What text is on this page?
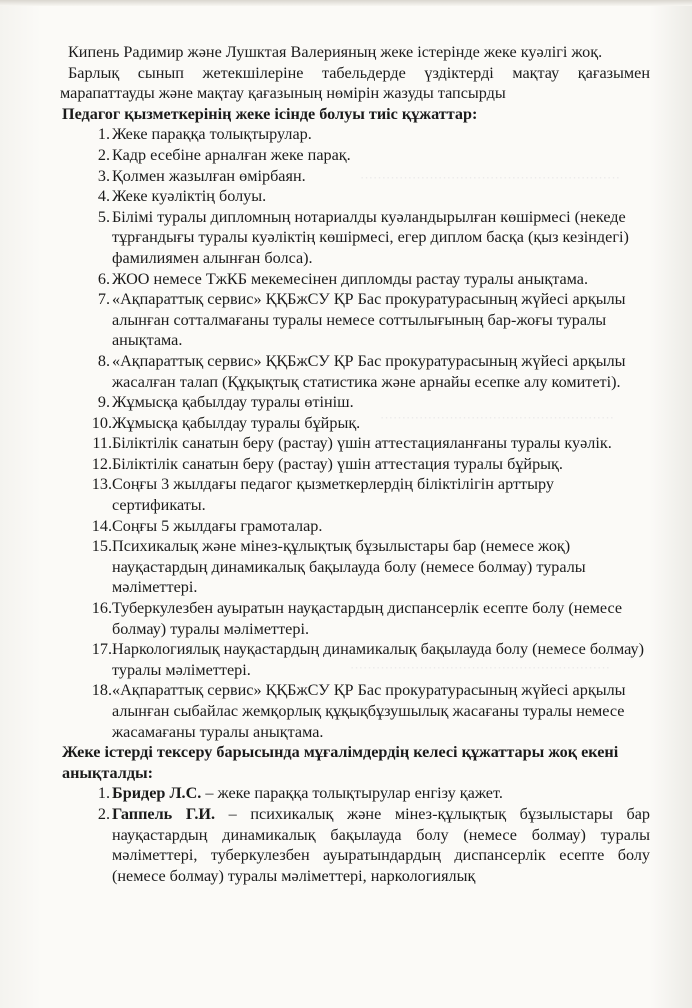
⋯⋯⋯⋯⋯⋯⋯⋯⋯⋯⋯⋯⋯⋯⋯⋯⋯⋯⋯⋯
⋯⋯⋯⋯⋯⋯⋯⋯⋯⋯⋯⋯⋯⋯⋯⋯⋯⋯
⋯⋯⋯⋯⋯⋯⋯⋯⋯⋯⋯⋯⋯⋯⋯⋯⋯⋯⋯⋯

Кипень Радимир және Лушктая Валерияның жеке істерінде жеке куәлігі жоқ.

Барлық сынып жетекшілеріне табельдерде үздіктерді мақтау қағазымен марапаттауды және мақтау қағазының нөмірін жазуды тапсырды

Педагог қызметкерінің жеке ісінде болуы тиіс құжаттар:

1. Жеке параққа толықтырулар.
2. Кадр есебіне арналған жеке парақ.
3. Қолмен жазылған өмірбаян.
4. Жеке куәліктің болуы.
5. Білімі туралы дипломның нотариалды куәландырылған көшірмесі (некеде тұрғандығы туралы куәліктің көшірмесі, егер диплом басқа (қыз кезіндегі) фамилиямен алынған болса).
6. ЖОО немесе ТжКБ мекемесінен дипломды растау туралы анықтама.
7. «Ақпараттық сервис» ҚҚБжСУ ҚР Бас прокуратурасының жүйесі арқылы алынған сотталмағаны туралы немесе соттылығының бар-жоғы туралы анықтама.
8. «Ақпараттық сервис» ҚҚБжСУ ҚР Бас прокуратурасының жүйесі арқылы жасалған талап (Құқықтық статистика және арнайы есепке алу комитеті).
9. Жұмысқа қабылдау туралы өтініш.
10. Жұмысқа қабылдау туралы бұйрық.
11. Біліктілік санатын беру (растау) үшін аттестацияланғаны туралы куәлік.
12. Біліктілік санатын беру (растау) үшін аттестация туралы бұйрық.
13. Соңғы 3 жылдағы педагог қызметкерлердің біліктілігін арттыру сертификаты.
14. Соңғы 5 жылдағы грамоталар.
15. Психикалық және мінез-құлықтық бұзылыстары бар (немесе жоқ) науқастардың динамикалық бақылауда болу (немесе болмау) туралы мәліметтері.
16. Туберкулезбен ауыратын науқастардың диспансерлік есепте болу (немесе болмау) туралы мәліметтері.
17. Наркологиялық науқастардың динамикалық бақылауда болу (немесе болмау) туралы мәліметтері.
18. «Ақпараттық сервис» ҚҚБжСУ ҚР Бас прокуратурасының жүйесі арқылы алынған сыбайлас жемқорлық құқықбұзушылық жасағаны туралы немесе жасамағаны туралы анықтама.

Жеке істерді тексеру барысында мұғалімдердің келесі құжаттары жоқ екені анықталды:

1. Бридер Л.С. – жеке параққа толықтырулар енгізу қажет.
2. Гаппель Г.И. – психикалық және мінез-құлықтық бұзылыстары бар науқастардың динамикалық бақылауда болу (немесе болмау) туралы мәліметтері, туберкулезбен ауыратындардың диспансерлік есепте болу (немесе болмау) туралы мәліметтері, наркологиялық
